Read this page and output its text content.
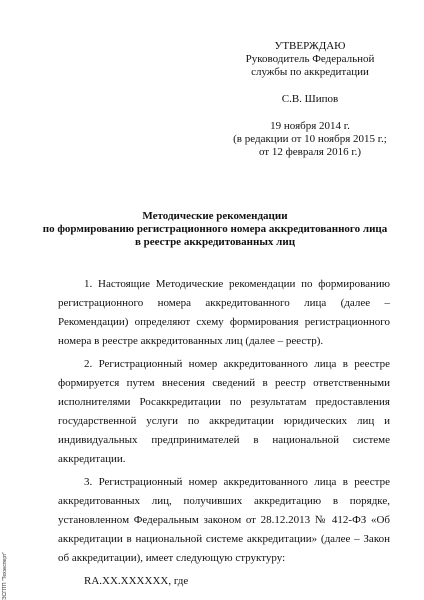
УТВЕРЖДАЮ
Руководитель Федеральной
службы по аккредитации
С.В. Шипов
19 ноября 2014 г.
(в редакции от 10 ноября 2015 г.;
от 12 февраля 2016 г.)
Методические рекомендации
по формированию регистрационного номера аккредитованного лица
в реестре аккредитованных лиц

1. Настоящие Методические рекомендации по формированию регистрационного номера аккредитованного лица (далее – Рекомендации) определяют схему формирования регистрационного номера в реестре аккредитованных лиц (далее – реестр).

2. Регистрационный номер аккредитованного лица в реестре формируется путем внесения сведений в реестр ответственными исполнителями Росаккредитации по результатам предоставления государственной услуги по аккредитации юридических лиц и индивидуальных предпринимателей в национальной системе аккредитации.

3. Регистрационный номер аккредитованного лица в реестре аккредитованных лиц, получивших аккредитацию в порядке, установленном Федеральным законом от 28.12.2013 № 412-ФЗ «Об аккредитации в национальной системе аккредитации» (далее – Закон об аккредитации), имеет следующую структуру:

RA.XX.XXXXXX, где

ЭСПТП "Техэксперт"
